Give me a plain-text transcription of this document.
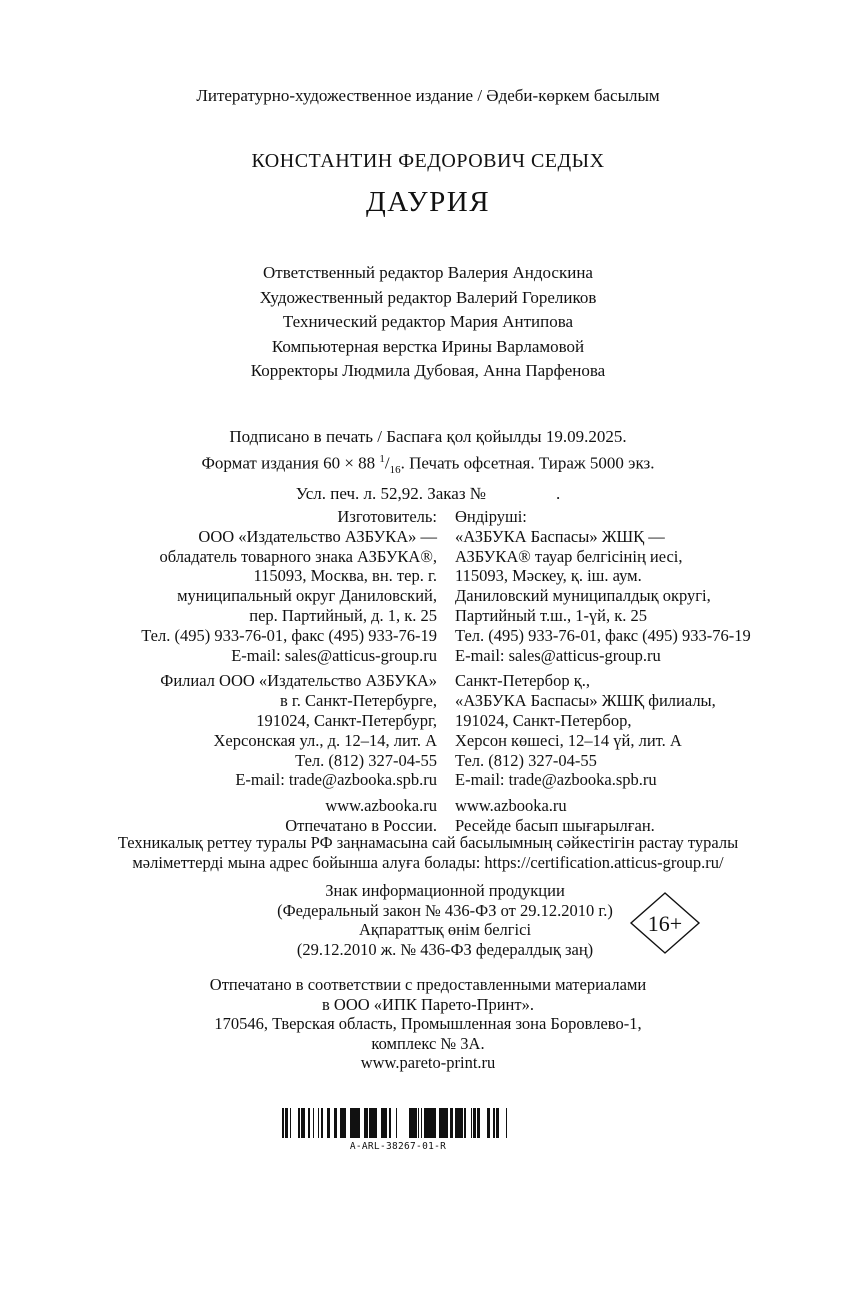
Литературно-художественное издание / Әдеби-көркем басылым
КОНСТАНТИН ФЕДОРОВИЧ СЕДЫХ
ДАУРИЯ
Ответственный редактор Валерия Андоскина
Художественный редактор Валерий Гореликов
Технический редактор Мария Антипова
Компьютерная верстка Ирины Варламовой
Корректоры Людмила Дубовая, Анна Парфенова
Подписано в печать / Баспаға қол қойылды 19.09.2025.
Формат издания 60 × 88 $^1/_{16}$. Печать офсетная. Тираж 5000 экз.
Усл. печ. л. 52,92. Заказ №	.
Изготовитель:
ООО «Издательство АЗБУКА» —
обладатель товарного знака АЗБУКА®,
115093, Москва, вн. тер. г.
муниципальный округ Даниловский,
пер. Партийный, д. 1, к. 25
Тел. (495) 933-76-01, факс (495) 933-76-19
E-mail: sales@atticus-group.ru
Филиал ООО «Издательство АЗБУКА»
в г. Санкт-Петербурге,
191024, Санкт-Петербург,
Херсонская ул., д. 12–14, лит. А
Тел. (812) 327-04-55
E-mail: trade@azbooka.spb.ru
www.azbooka.ru
Отпечатано в России.
Өндіруші:
«АЗБУКА Баспасы» ЖШҚ —
АЗБУКА® тауар белгісінің иесі,
115093, Мәскеу, қ. іш. аум.
Даниловский муниципалдық округі,
Партийный т.ш., 1-үй, к. 25
Тел. (495) 933-76-01, факс (495) 933-76-19
E-mail: sales@atticus-group.ru
Санкт-Петербор қ.,
«АЗБУКА Баспасы» ЖШҚ филиалы,
191024, Санкт-Петербор,
Херсон көшесі, 12–14 үй, лит. А
Тел. (812) 327-04-55
E-mail: trade@azbooka.spb.ru
www.azbooka.ru
Ресейде басып шығарылған.
Техникалық реттеу туралы РФ заңнамасына сай басылымның сәйкестігін растау туралы
мәліметтерді мына адрес бойынша алуға болады: https://certification.atticus-group.ru/
Знак информационной продукции
(Федеральный закон № 436-ФЗ от 29.12.2010 г.)
Ақпараттық өнім белгісі
(29.12.2010 ж. № 436-ФЗ федералдық заң)
16+
Отпечатано в соответствии с предоставленными материалами
в ООО «ИПК Парето-Принт».
170546, Тверская область, Промышленная зона Боровлево-1,
комплекс № 3А.
www.pareto-print.ru
A-ARL-38267-01-R
